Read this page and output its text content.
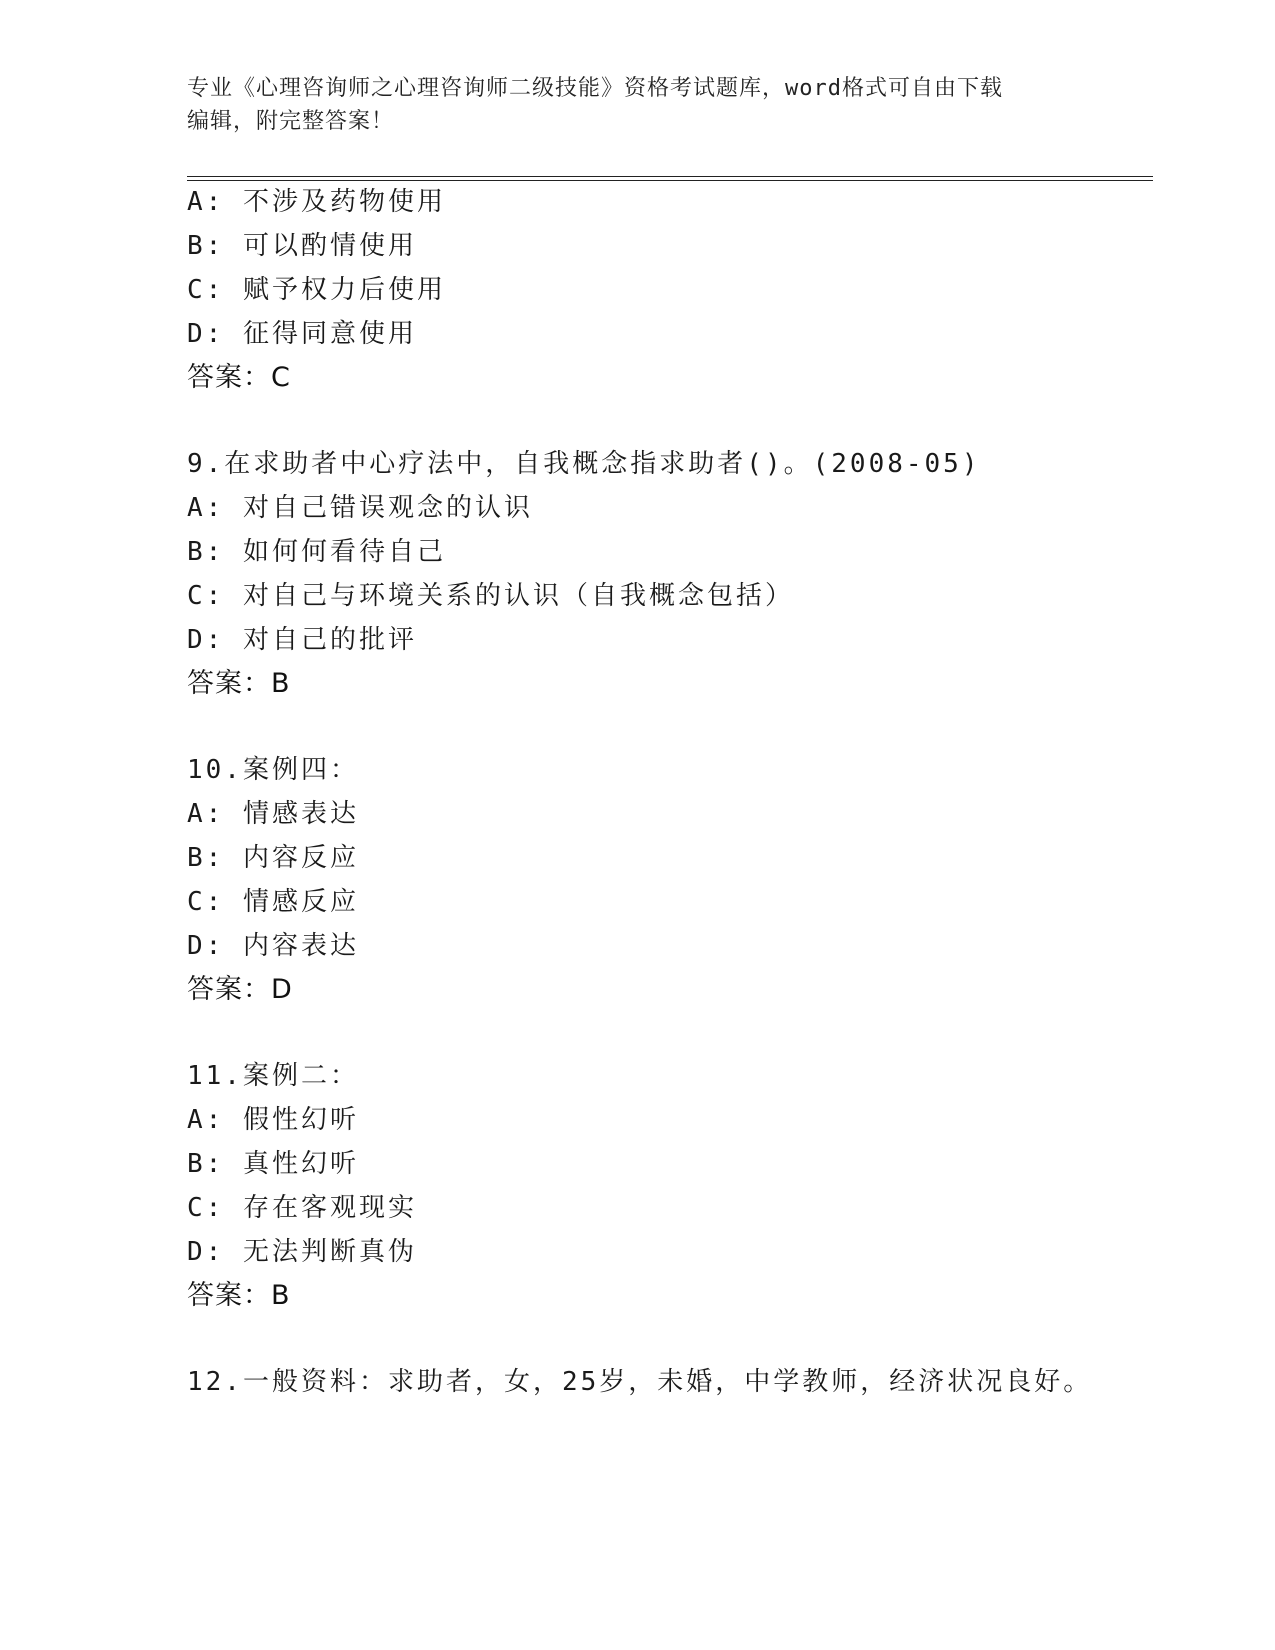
专业《心理咨询师之心理咨询师二级技能》资格考试题库，word格式可自由下载
编辑，附完整答案！
A: 不涉及药物使用
B: 可以酌情使用
C: 赋予权力后使用
D: 征得同意使用
答案：C
9.在求助者中心疗法中，自我概念指求助者()。(2008-05)
A: 对自己错误观念的认识
B: 如何何看待自己
C: 对自己与环境关系的认识（自我概念包括）
D: 对自己的批评
答案：B
10.案例四：
A: 情感表达
B: 内容反应
C: 情感反应
D: 内容表达
答案：D
11.案例二：
A: 假性幻听
B: 真性幻听
C: 存在客观现实
D: 无法判断真伪
答案：B
12.一般资料：求助者，女，25岁，未婚，中学教师，经济状况良好。
